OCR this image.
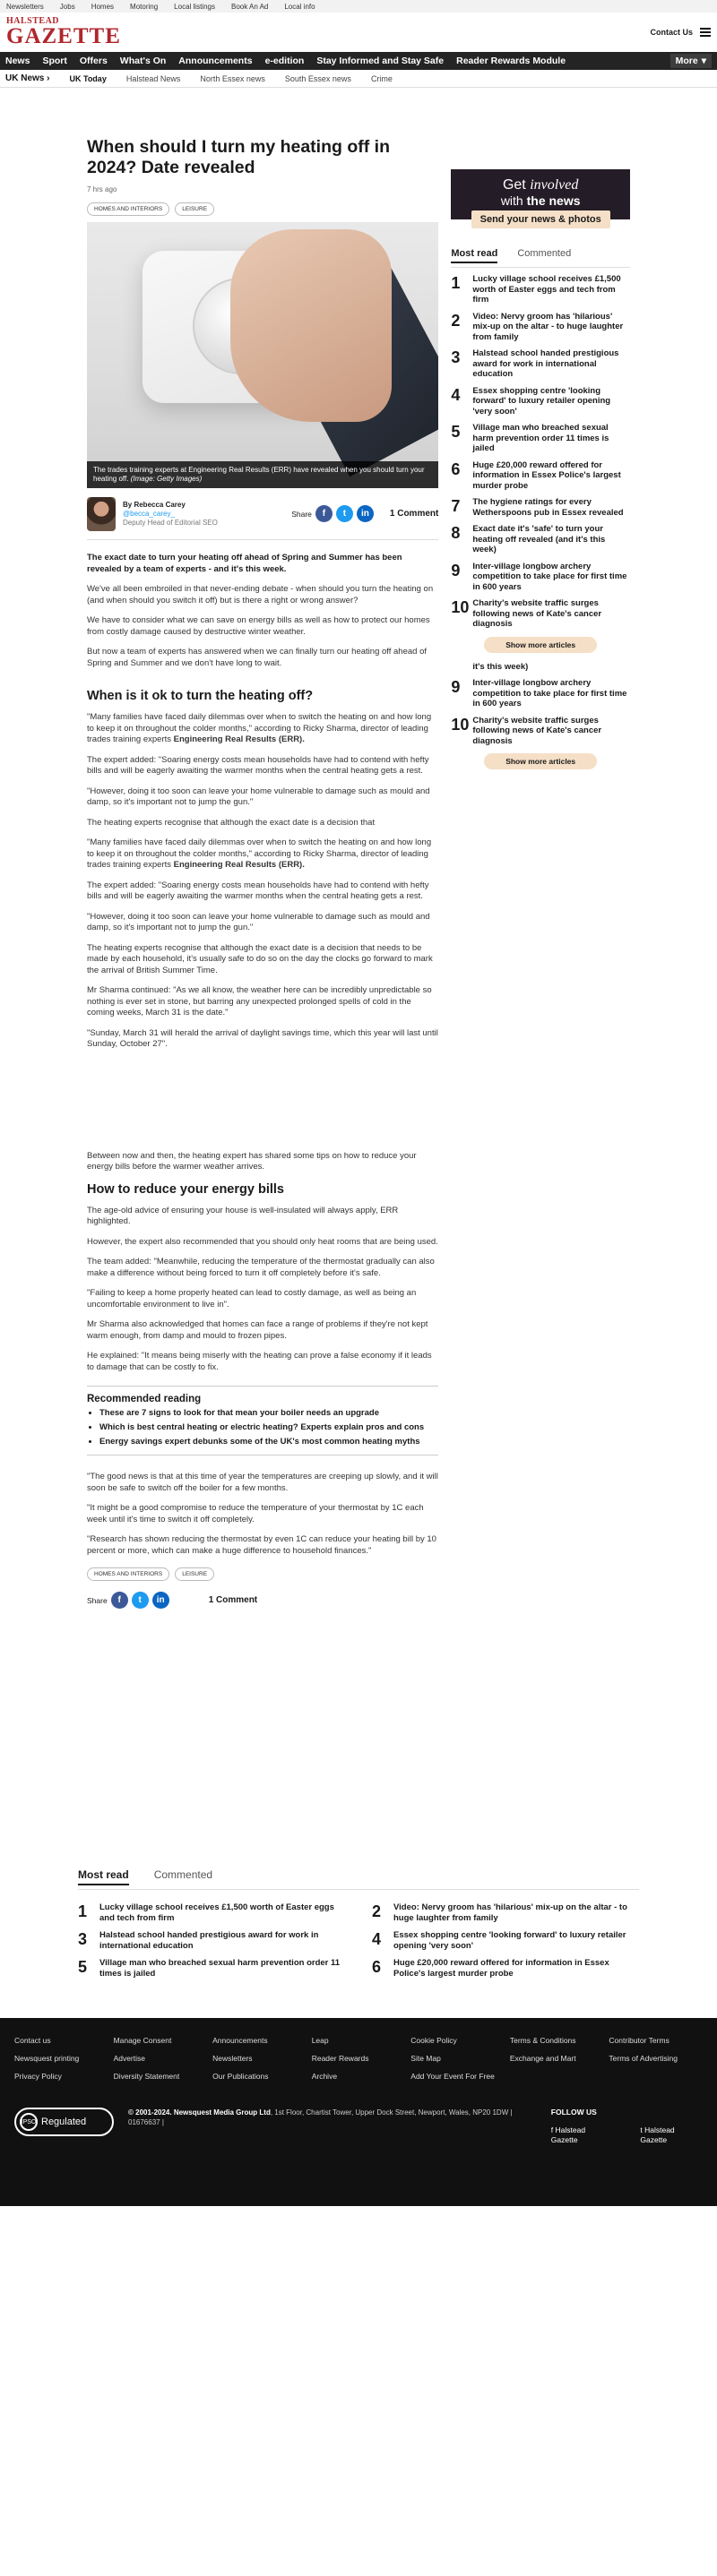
Newsletters Jobs Homes Motoring Local listings Book An Ad Local info
HALSTEAD
GAZETTE	Contact Us
News Sport Offers What's On Announcements e-edition Stay Informed and Stay Safe Reader Rewards Module	More ▾
UK News › UK Today Halstead News North Essex news South Essex news Crime
When should I turn my heating off in 2024? Date revealed
7 hrs ago
HOMES AND INTERIORS	LEISURE
The trades training experts at Engineering Real Results (ERR) have revealed when you should turn your heating off. (Image: Getty Images)
By Rebecca Carey
@becca_carey_
Deputy Head of Editorial SEO
Share	f	t	in	1 Comment

The exact date to turn your heating off ahead of Spring and Summer has been revealed by a team of experts - and it's this week.

We've all been embroiled in that never-ending debate - when should you turn the heating on (and when should you switch it off) but is there a right or wrong answer?

We have to consider what we can save on energy bills as well as how to protect our homes from costly damage caused by destructive winter weather.

But now a team of experts has answered when we can finally turn our heating off ahead of Spring and Summer and we don't have long to wait.

When is it ok to turn the heating off?

"Many families have faced daily dilemmas over when to switch the heating on and how long to keep it on throughout the colder months," according to Ricky Sharma, director of leading trades training experts Engineering Real Results (ERR).

The expert added: "Soaring energy costs mean households have had to contend with hefty bills and will be eagerly awaiting the warmer months when the central heating gets a rest.

"However, doing it too soon can leave your home vulnerable to damage such as mould and damp, so it's important not to jump the gun."

The heating experts recognise that although the exact date is a decision that

"Many families have faced daily dilemmas over when to switch the heating on and how long to keep it on throughout the colder months," according to Ricky Sharma, director of leading trades training experts Engineering Real Results (ERR).

The expert added: "Soaring energy costs mean households have had to contend with hefty bills and will be eagerly awaiting the warmer months when the central heating gets a rest.

"However, doing it too soon can leave your home vulnerable to damage such as mould and damp, so it's important not to jump the gun."

The heating experts recognise that although the exact date is a decision that needs to be made by each household, it's usually safe to do so on the day the clocks go forward to mark the arrival of British Summer Time.

Mr Sharma continued: "As we all know, the weather here can be incredibly unpredictable so nothing is ever set in stone, but barring any unexpected prolonged spells of cold in the coming weeks, March 31 is the date."

"Sunday, March 31 will herald the arrival of daylight savings time, which this year will last until Sunday, October 27".

Between now and then, the heating expert has shared some tips on how to reduce your energy bills before the warmer weather arrives.

How to reduce your energy bills

The age-old advice of ensuring your house is well-insulated will always apply, ERR highlighted.

However, the expert also recommended that you should only heat rooms that are being used.

The team added: "Meanwhile, reducing the temperature of the thermostat gradually can also make a difference without being forced to turn it off completely before it's safe.

"Failing to keep a home properly heated can lead to costly damage, as well as being an uncomfortable environment to live in".

Mr Sharma also acknowledged that homes can face a range of problems if they're not kept warm enough, from damp and mould to frozen pipes.

He explained: "It means being miserly with the heating can prove a false economy if it leads to damage that can be costly to fix.

Recommended reading
• These are 7 signs to look for that mean your boiler needs an upgrade
• Which is best central heating or electric heating? Experts explain pros and cons
• Energy savings expert debunks some of the UK's most common heating myths

"The good news is that at this time of year the temperatures are creeping up slowly, and it will soon be safe to switch off the boiler for a few months.

"It might be a good compromise to reduce the temperature of your thermostat by 1C each week until it's time to switch it off completely.

"Research has shown reducing the thermostat by even 1C can reduce your heating bill by 10 percent or more, which can make a huge difference to household finances."

HOMES AND INTERIORS	LEISURE
Share	f	t	in	1 Comment
Get involved
with the news
Send your news & photos
Most read Commented
1	Lucky village school receives £1,500 worth of Easter eggs and tech from firm
2	Video: Nervy groom has 'hilarious' mix-up on the altar - to huge laughter from family
3	Halstead school handed prestigious award for work in international education
4	Essex shopping centre 'looking forward' to luxury retailer opening 'very soon'
5	Village man who breached sexual harm prevention order 11 times is jailed
6	Huge £20,000 reward offered for information in Essex Police's largest murder probe
7	The hygiene ratings for every Wetherspoons pub in Essex revealed
8	Exact date it's 'safe' to turn your heating off revealed (and it's this week)
9	Inter-village longbow archery competition to take place for first time in 600 years
10 Charity's website traffic surges following news of Kate's cancer diagnosis
Show more articles
it's this week)
9	Inter-village longbow archery competition to take place for first time in 600 years
10 Charity's website traffic surges following news of Kate's cancer diagnosis
Show more articles
Most read Commented
1	Lucky village school receives £1,500 worth of Easter eggs and tech from firm	2	Video: Nervy groom has 'hilarious' mix-up on the altar - to huge laughter from family
3	Halstead school handed prestigious award for work in international education	4	Essex shopping centre 'looking forward' to luxury retailer opening 'very soon'
5	Village man who breached sexual harm prevention order 11 times is jailed	6	Huge £20,000 reward offered for information in Essex Police's largest murder probe
Contact us	Manage Consent	Announcements	Leap	Cookie Policy	Terms & Conditions	Contributor Terms
Newsquest printing	Advertise	Newsletters	Reader Rewards	Site Map	Exchange and Mart	Terms of Advertising
Privacy Policy	Diversity Statement	Our Publications	Archive	Add Your Event For Free
IPSO Regulated
© 2001-2024. Newsquest Media Group Ltd, 1st Floor, Chartist Tower, Upper Dock Street, Newport, Wales, NP20 1DW | 01676637 |
FOLLOW US
f Halstead Gazette
t Halstead Gazette
